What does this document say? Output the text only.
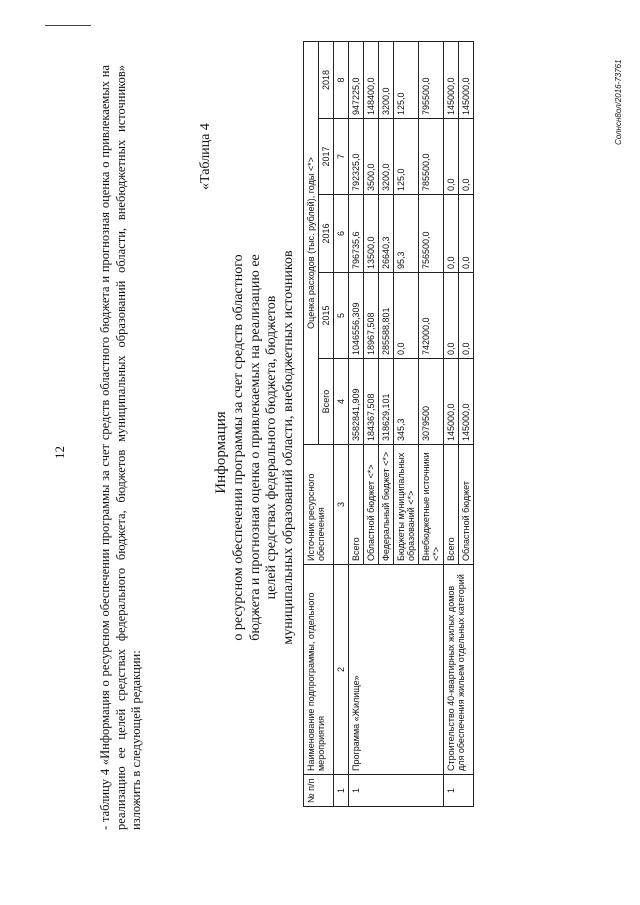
12 - таблицу 4 «Информация о ресурсном обеспечении программы за счет средств областного бюджета и прогнозная оценка о привлекаемых на реализацию ее целей средствах федерального бюджета, бюджетов муниципальных образований области, внебюджетных источников» изложить в следующей редакции:
«Таблица 4
Информация о ресурсном обеспечении программы за счет средств областного бюджета и прогнозная оценка о привлекаемых на реализацию ее целей средствах федерального бюджета, бюджетов муниципальных образований области, внебюджетных источников
№ п/п	Наименование подпрограммы, отдельного мероприятия	Источник ресурсного обеспечения	Оценка расходов (тыс. рублей), годы <*>				
			Всего	2015	2016	2017	2018
1	2	3	4	5	6	7	8
1	Программа «Жилище»	Всего	3582841,909	1046556,309	796735,6	792325,0	947225,0
		Областной бюджет <*>	184367,508	18967,508	13500,0	3500,0	148400,0
		Федеральный бюджет <*>	318629,101	285588,801	26640,3	3200,0	3200,0
		Бюджеты муниципальных образований <*>	345,3	0,0	95,3	125,0	125,0
		Внебюджетные источники <*>	3079500	742000,0	756500,0	785500,0	795500,0
1	Строительство 40-квартирных жилых домов для обеспечения жильем отдельных категорий	Всего	145000,0	0,0	0,0	0,0	145000,0
		Областной бюджет	145000,0	0,0	0,0	0,0	145000,0	Солнсн8ол/2016-73761
